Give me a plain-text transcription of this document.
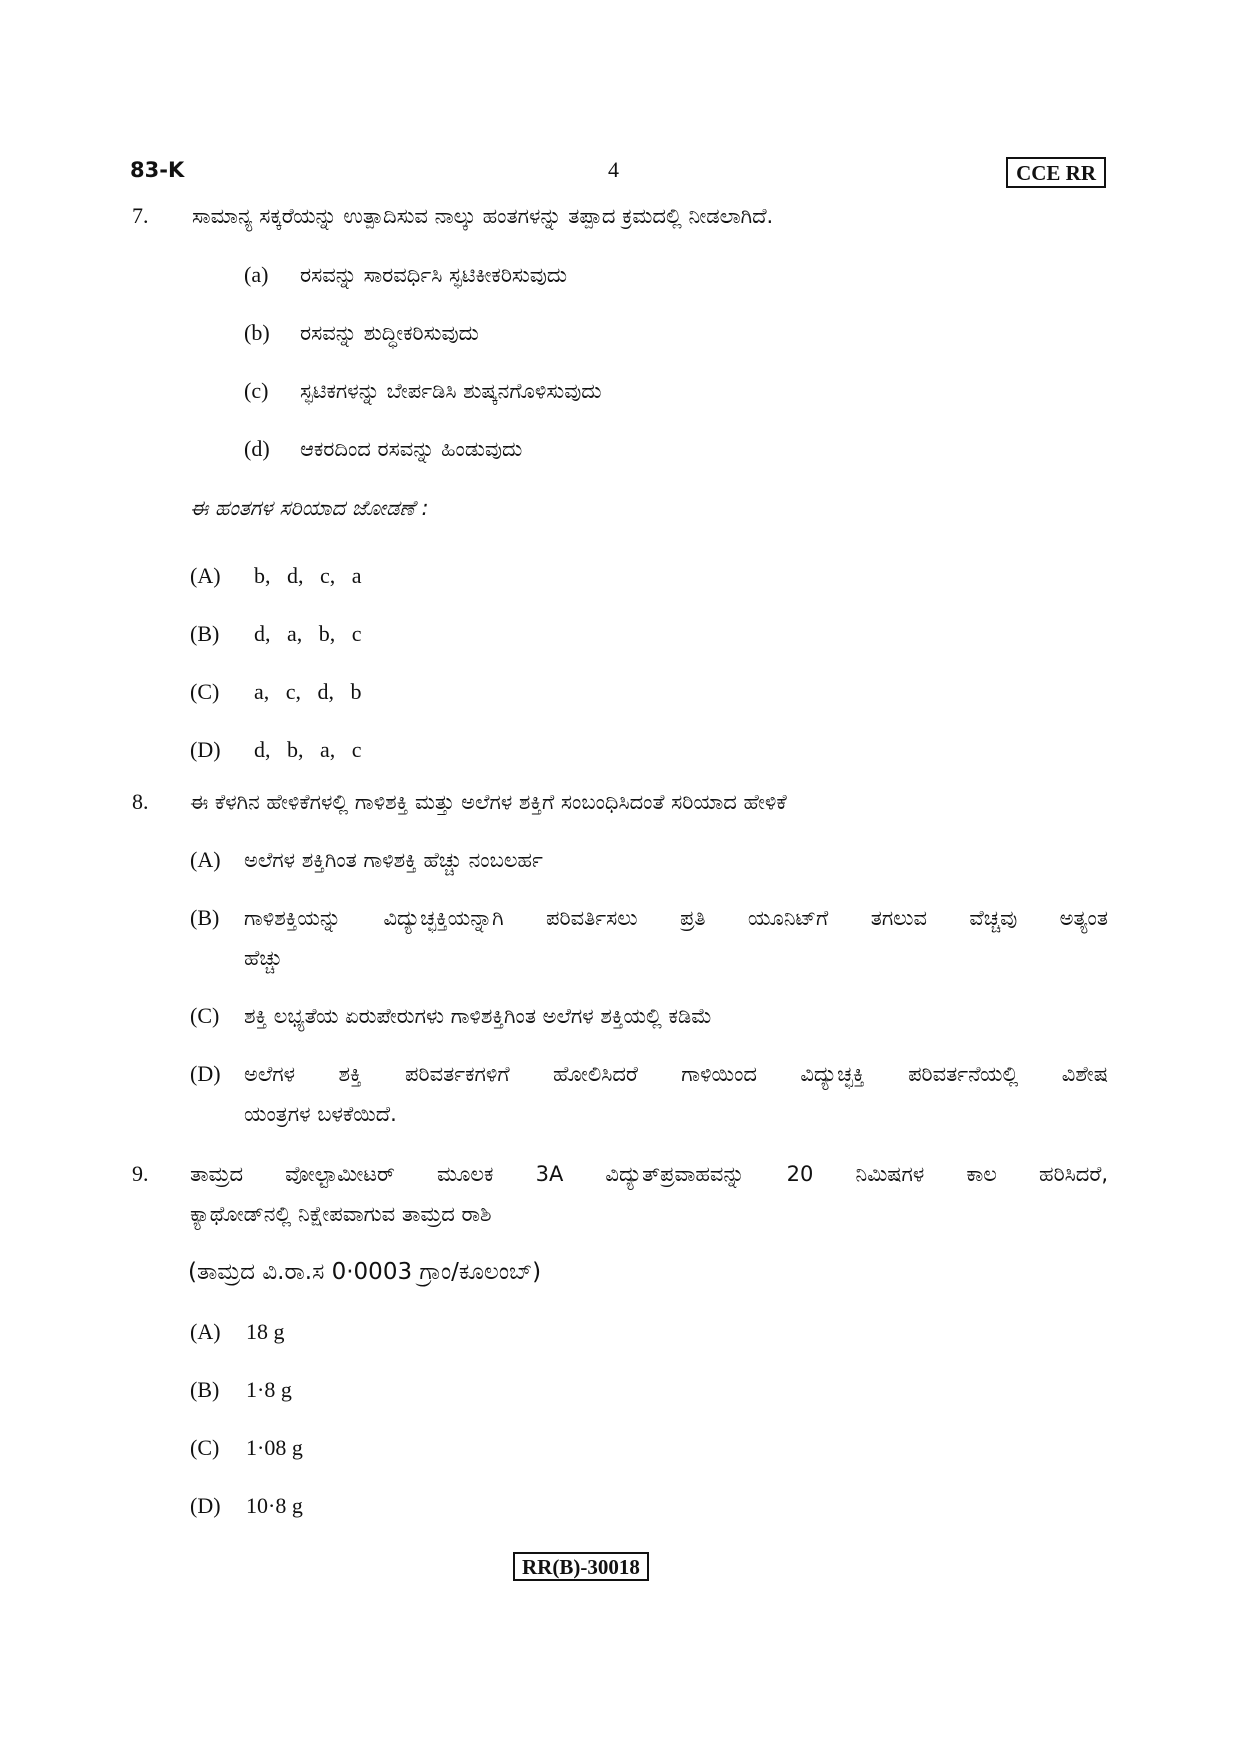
83-K	4	CCE RR
7. ಸಾಮಾನ್ಯ ಸಕ್ಕರೆಯನ್ನು ಉತ್ಪಾದಿಸುವ ನಾಲ್ಕು ಹಂತಗಳನ್ನು ತಪ್ಪಾದ ಕ್ರಮದಲ್ಲಿ ನೀಡಲಾಗಿದೆ.
(a) ರಸವನ್ನು ಸಾರವರ್ಧಿಸಿ ಸ್ಫಟಿಕೀಕರಿಸುವುದು
(b) ರಸವನ್ನು ಶುದ್ಧೀಕರಿಸುವುದು
(c) ಸ್ಫಟಿಕಗಳನ್ನು ಬೇರ್ಪಡಿಸಿ ಶುಷ್ಕನಗೊಳಿಸುವುದು
(d) ಆಕರದಿಂದ ರಸವನ್ನು ಹಿಂಡುವುದು
ಈ ಹಂತಗಳ ಸರಿಯಾದ ಜೋಡಣೆ :
(A) b,   d,   c,   a
(B) d,   a,   b,   c
(C) a,   c,   d,   b
(D) d,   b,   a,   c
8. ಈ ಕೆಳಗಿನ ಹೇಳಿಕೆಗಳಲ್ಲಿ ಗಾಳಿಶಕ್ತಿ ಮತ್ತು ಅಲೆಗಳ ಶಕ್ತಿಗೆ ಸಂಬಂಧಿಸಿದಂತೆ ಸರಿಯಾದ ಹೇಳಿಕೆ
(A) ಅಲೆಗಳ ಶಕ್ತಿಗಿಂತ ಗಾಳಿಶಕ್ತಿ ಹೆಚ್ಚು ನಂಬಲರ್ಹ
(B) ಗಾಳಿಶಕ್ತಿಯನ್ನು ವಿದ್ಯುಚ್ಛಕ್ತಿಯನ್ನಾಗಿ ಪರಿವರ್ತಿಸಲು ಪ್ರತಿ ಯೂನಿಟ್‌ಗೆ ತಗಲುವ ವೆಚ್ಚವು ಅತ್ಯಂತ
ಹೆಚ್ಚು
(C) ಶಕ್ತಿ ಲಭ್ಯತೆಯ ಏರುಪೇರುಗಳು ಗಾಳಿಶಕ್ತಿಗಿಂತ ಅಲೆಗಳ ಶಕ್ತಿಯಲ್ಲಿ ಕಡಿಮೆ
(D) ಅಲೆಗಳ ಶಕ್ತಿ ಪರಿವರ್ತಕಗಳಿಗೆ ಹೋಲಿಸಿದರೆ ಗಾಳಿಯಿಂದ ವಿದ್ಯುಚ್ಛಕ್ತಿ ಪರಿವರ್ತನೆಯಲ್ಲಿ ವಿಶೇಷ
ಯಂತ್ರಗಳ ಬಳಕೆಯಿದೆ.
9. ತಾಮ್ರದ ವೋಲ್ಟಾಮೀಟರ್ ಮೂಲಕ 3A ವಿದ್ಯುತ್‌ಪ್ರವಾಹವನ್ನು 20 ನಿಮಿಷಗಳ ಕಾಲ ಹರಿಸಿದರೆ,
ಕ್ಯಾಥೋಡ್‌ನಲ್ಲಿ ನಿಕ್ಷೇಪವಾಗುವ ತಾಮ್ರದ ರಾಶಿ
(ತಾಮ್ರದ ವಿ.ರಾ.ಸ 0·0003 ಗ್ರಾಂ/ಕೂಲಂಬ್)
(A) 18 g
(B) 1·8 g
(C) 1·08 g
(D) 10·8 g
RR(B)-30018
